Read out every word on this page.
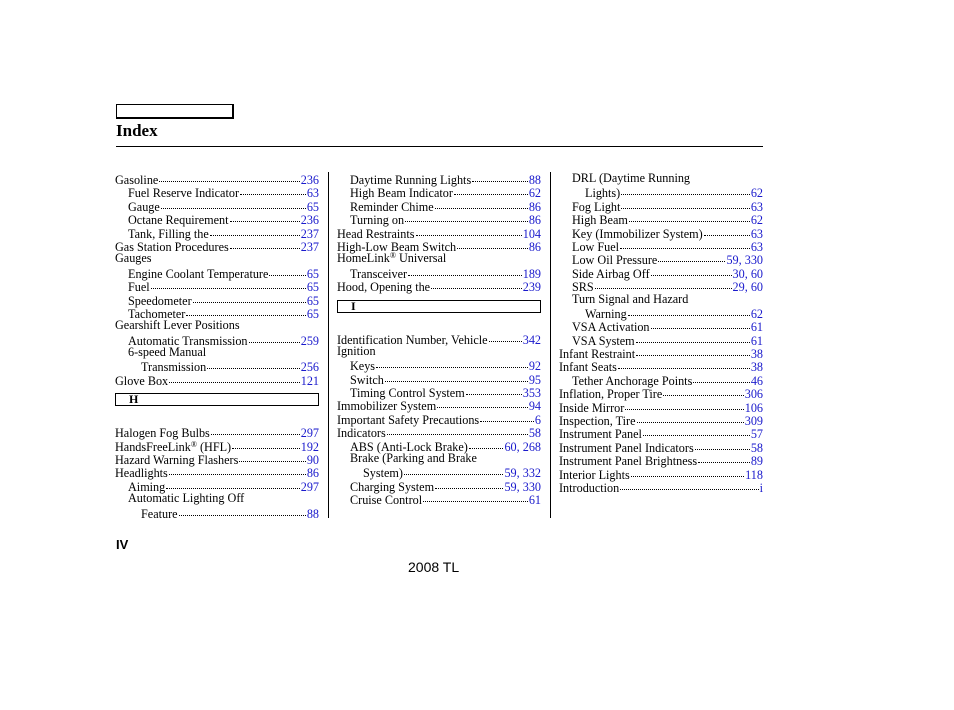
Index
Gasoline	236
Fuel Reserve Indicator	63
Gauge	65
Octane Requirement	236
Tank, Filling the	237
Gas Station Procedures	237
Gauges
Engine Coolant Temperature	65
Fuel	65
Speedometer	65
Tachometer	65
Gearshift Lever Positions
Automatic Transmission	259
6-speed Manual
Transmission	256
Glove Box	121
H
Halogen Fog Bulbs	297
HandsFreeLink® (HFL)	192
Hazard Warning Flashers	90
Headlights	86
Aiming	297
Automatic Lighting Off
Feature	88
Daytime Running Lights	88
High Beam Indicator	62
Reminder Chime	86
Turning on	86
Head Restraints	104
High-Low Beam Switch	86
HomeLink® Universal
Transceiver	189
Hood, Opening the	239
I
Identification Number, Vehicle	342
Ignition
Keys	92
Switch	95
Timing Control System	353
Immobilizer System	94
Important Safety Precautions	6
Indicators	58
ABS (Anti-Lock Brake)	60, 268
Brake (Parking and Brake
System)	59, 332
Charging System	59, 330
Cruise Control	61
DRL (Daytime Running
Lights)	62
Fog Light	63
High Beam	62
Key (Immobilizer System)	63
Low Fuel	63
Low Oil Pressure	59, 330
Side Airbag Off	30, 60
SRS	29, 60
Turn Signal and Hazard
Warning	62
VSA Activation	61
VSA System	61
Infant Restraint	38
Infant Seats	38
Tether Anchorage Points	46
Inflation, Proper Tire	306
Inside Mirror	106
Inspection, Tire	309
Instrument Panel	57
Instrument Panel Indicators	58
Instrument Panel Brightness	89
Interior Lights	118
Introduction	i
IV
2008 TL
